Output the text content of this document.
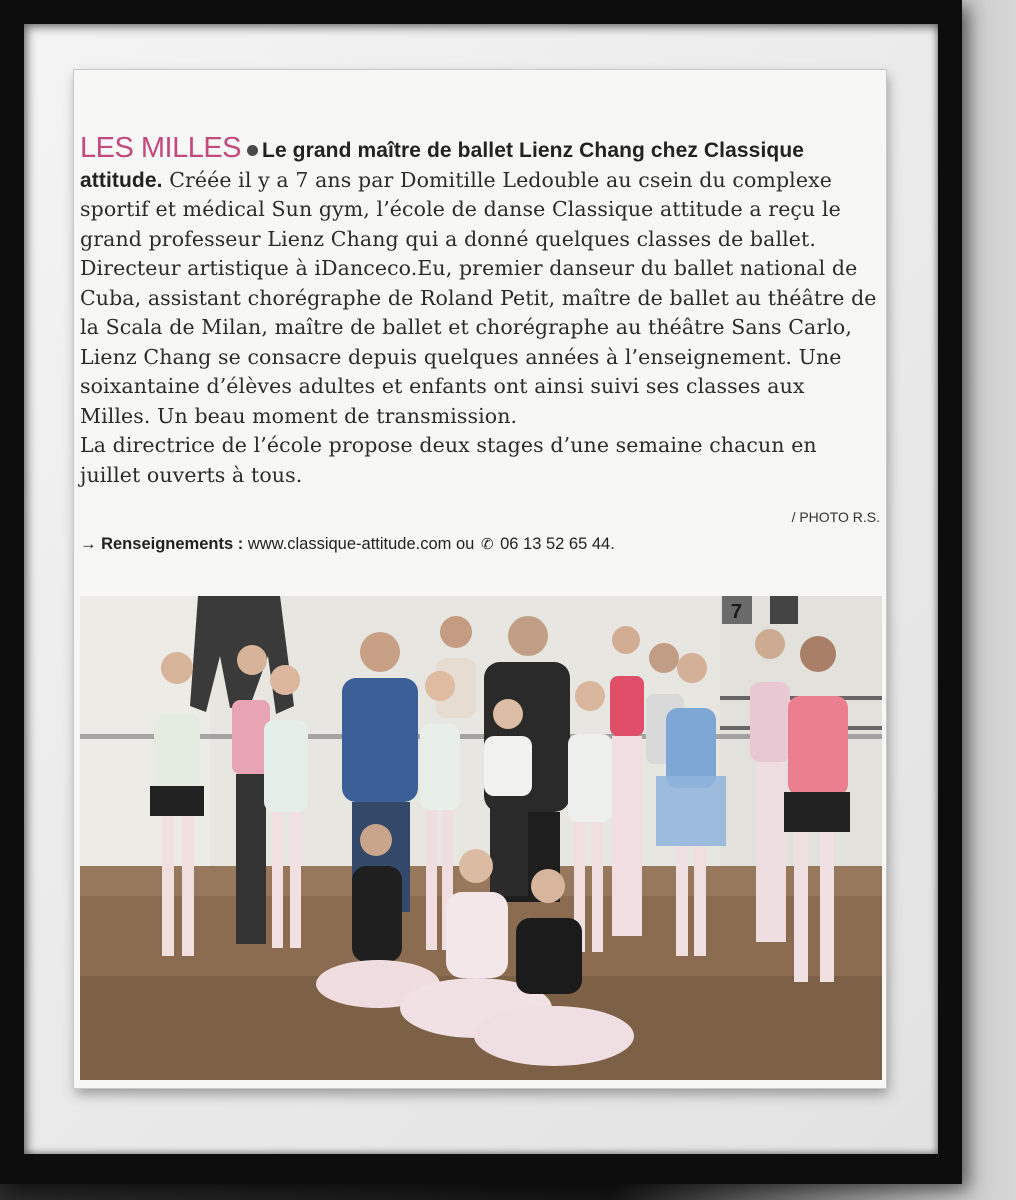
LES MILLES Le grand maître de ballet Lienz Chang chez Classique attitude. Créée il y a 7 ans par Domitille Ledouble au csein du complexe sportif et médical Sun gym, l’école de danse Classique attitude a reçu le grand professeur Lienz Chang qui a donné quelques classes de ballet. Directeur artistique à iDanceco.Eu, premier danseur du ballet national de Cuba, assistant chorégraphe de Roland Petit, maître de ballet au théâtre de la Scala de Milan, maître de ballet et chorégraphe au théâtre Sans Carlo, Lienz Chang se consacre depuis quelques années à l’enseignement. Une soixantaine d’élèves adultes et enfants ont ainsi suivi ses classes aux Milles. Un beau moment de transmission.
La directrice de l’école propose deux stages d’une semaine chacun en juillet ouverts à tous.
/ PHOTO R.S.
→ Renseignements : www.classique-attitude.com ou ✆ 06 13 52 65 44.
7
